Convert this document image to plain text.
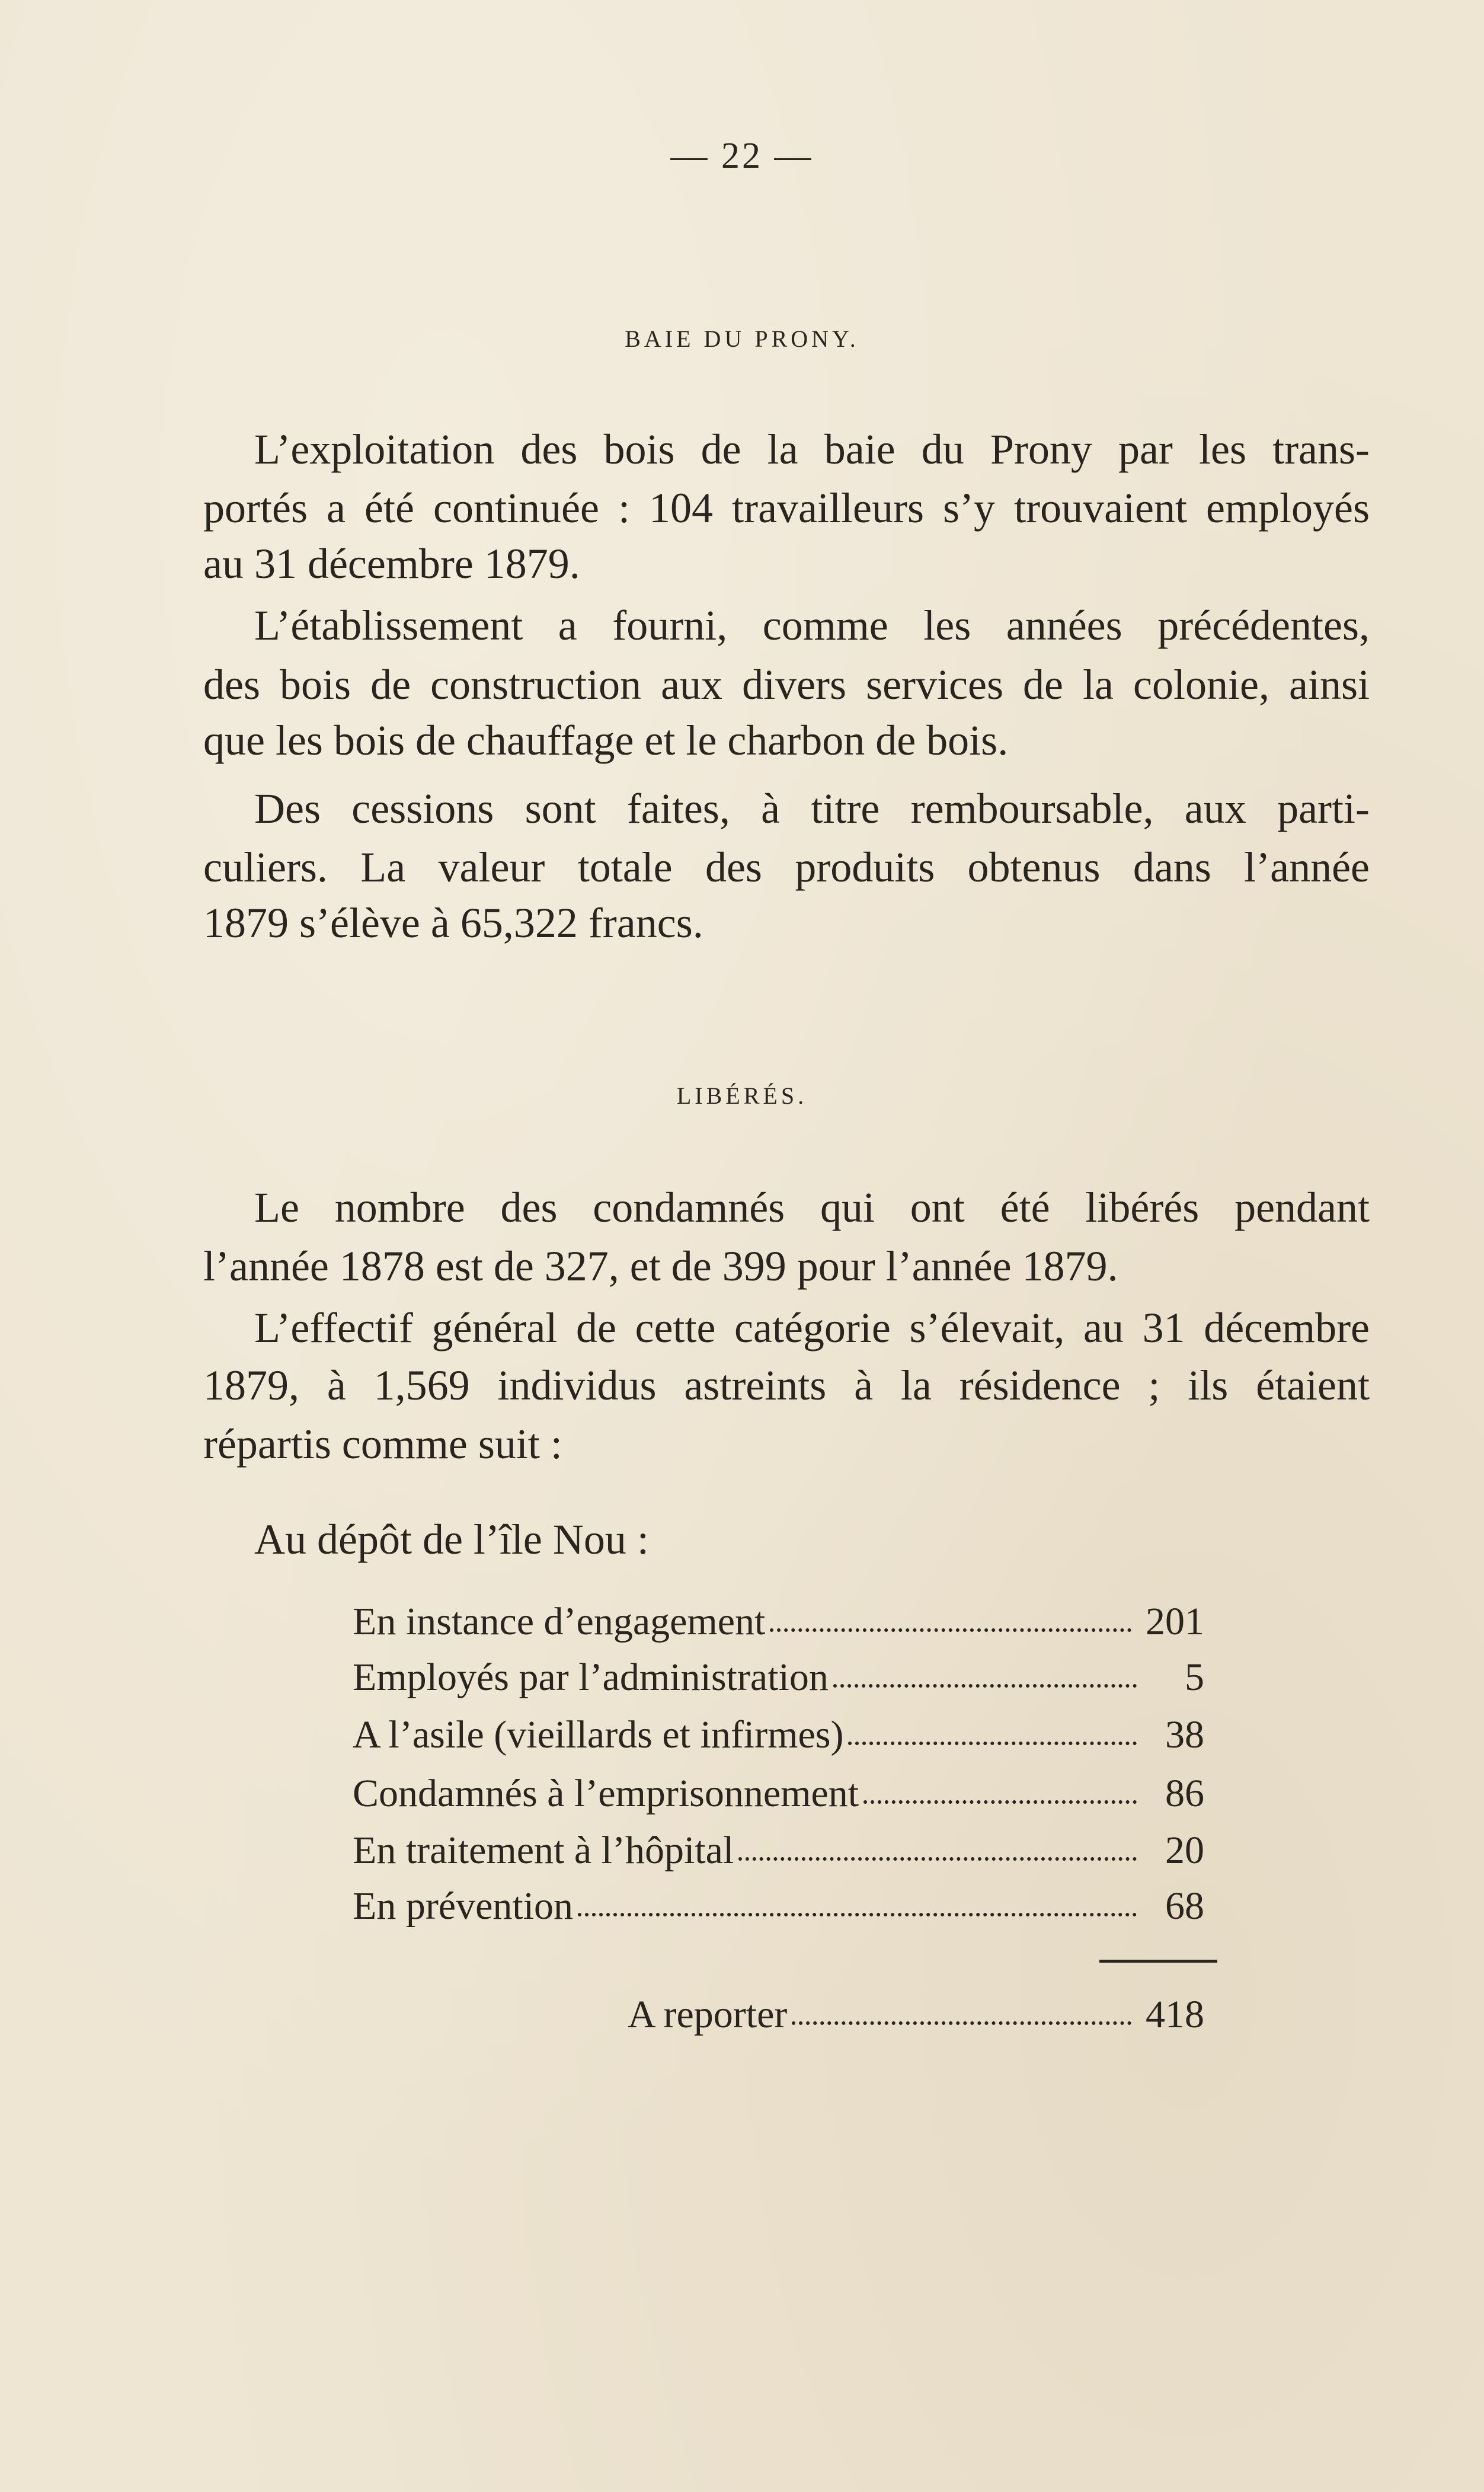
— 22 —
BAIE DU PRONY.
L’exploitation des bois de la baie du Prony par les trans-
portés a été continuée : 104 travailleurs s’y trouvaient employés
au 31 décembre 1879.
L’établissement a fourni, comme les années précédentes,
des bois de construction aux divers services de la colonie, ainsi
que les bois de chauffage et le charbon de bois.
Des cessions sont faites, à titre remboursable, aux parti-
culiers. La valeur totale des produits obtenus dans l’année
1879 s’élève à 65,322 francs.
LIBÉRÉS.
Le nombre des condamnés qui ont été libérés pendant
l’année 1878 est de 327, et de 399 pour l’année 1879.
L’effectif général de cette catégorie s’élevait, au 31 décembre
1879, à 1,569 individus astreints à la résidence ; ils étaient
répartis comme suit :
Au dépôt de l’île Nou :
En instance d’engagement	201
Employés par l’administration	5
A l’asile (vieillards et infirmes)	38
Condamnés à l’emprisonnement	86
En traitement à l’hôpital	20
En prévention	68
A reporter	418
